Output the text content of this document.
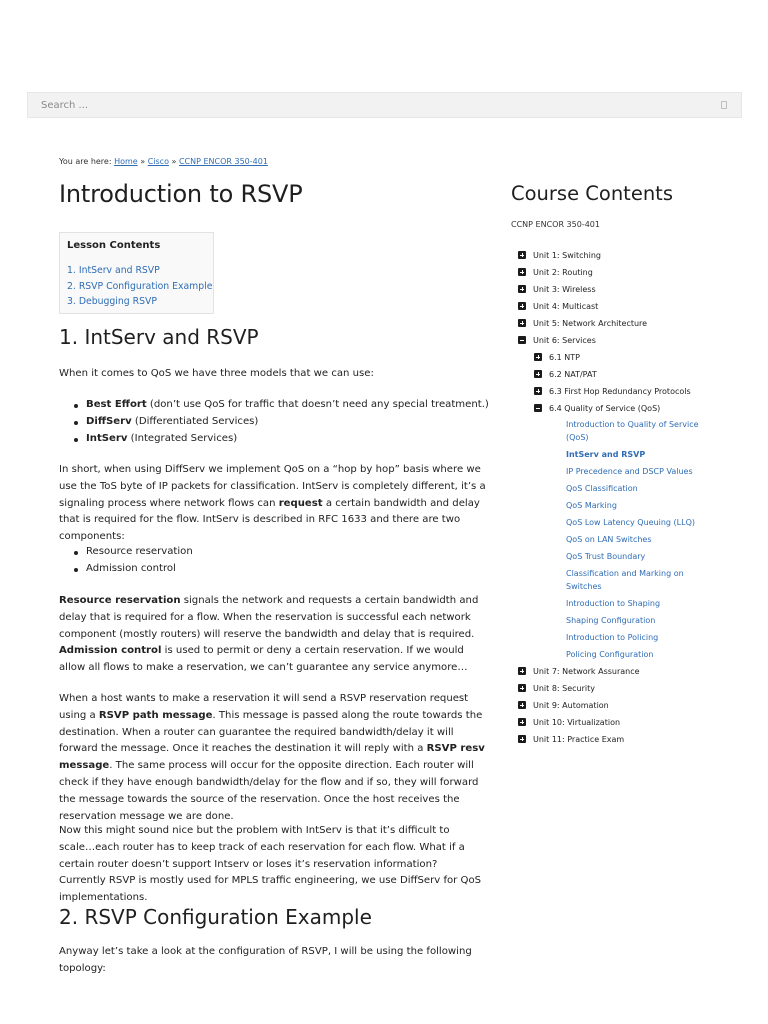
Search ...
You are here: Home » Cisco » CCNP ENCOR 350-401
Introduction to RSVP
Lesson Contents
1. IntServ and RSVP
2. RSVP Configuration Example
3. Debugging RSVP
1. IntServ and RSVP

When it comes to QoS we have three models that we can use:

Best Effort (don’t use QoS for traffic that doesn’t need any special treatment.)
DiffServ (Differentiated Services)
IntServ (Integrated Services)

In short, when using DiffServ we implement QoS on a “hop by hop” basis where we use the ToS byte of IP packets for classification. IntServ is completely different, it’s a signaling process where network flows can request a certain bandwidth and delay that is required for the flow. IntServ is described in RFC 1633 and there are two components:

Resource reservation
Admission control

Resource reservation signals the network and requests a certain bandwidth and delay that is required for a flow. When the reservation is successful each network component (mostly routers) will reserve the bandwidth and delay that is required. Admission control is used to permit or deny a certain reservation. If we would allow all flows to make a reservation, we can’t guarantee any service anymore…

When a host wants to make a reservation it will send a RSVP reservation request using a RSVP path message. This message is passed along the route towards the destination. When a router can guarantee the required bandwidth/delay it will forward the message. Once it reaches the destination it will reply with a RSVP resv message. The same process will occur for the opposite direction. Each router will check if they have enough bandwidth/delay for the flow and if so, they will forward the message towards the source of the reservation. Once the host receives the reservation message we are done.

Now this might sound nice but the problem with IntServ is that it’s difficult to scale…each router has to keep track of each reservation for each flow. What if a certain router doesn’t support Intserv or loses it’s reservation information? Currently RSVP is mostly used for MPLS traffic engineering, we use DiffServ for QoS implementations.

2. RSVP Configuration Example

Anyway let’s take a look at the configuration of RSVP, I will be using the following topology:

Course Contents
CCNP ENCOR 350-401
Unit 1: Switching
Unit 2: Routing
Unit 3: Wireless
Unit 4: Multicast
Unit 5: Network Architecture
Unit 6: Services
6.1 NTP
6.2 NAT/PAT
6.3 First Hop Redundancy Protocols
6.4 Quality of Service (QoS)
Introduction to Quality of Service (QoS)
IntServ and RSVP
IP Precedence and DSCP Values
QoS Classification
QoS Marking
QoS Low Latency Queuing (LLQ)
QoS on LAN Switches
QoS Trust Boundary
Classification and Marking on Switches
Introduction to Shaping
Shaping Configuration
Introduction to Policing
Policing Configuration
Unit 7: Network Assurance
Unit 8: Security
Unit 9: Automation
Unit 10: Virtualization
Unit 11: Practice Exam
